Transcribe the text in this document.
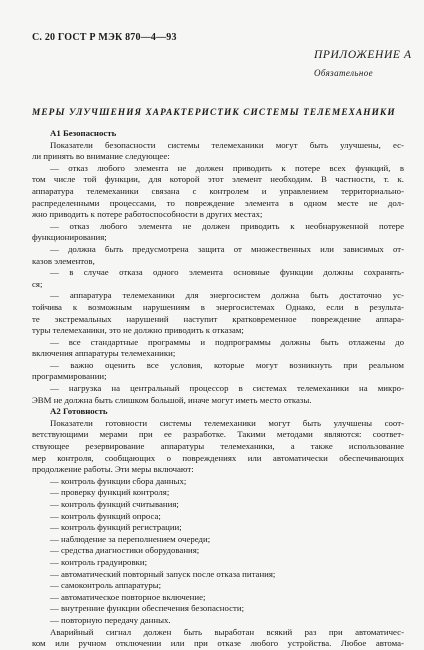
С. 20 ГОСТ Р МЭК 870—4—93
ПРИЛОЖЕНИЕ А
Обязательное
МЕРЫ УЛУЧШЕНИЯ ХАРАКТЕРИСТИК СИСТЕМЫ ТЕЛЕМЕХАНИКИ
А1 Безопасность
Показатели безопасности системы телемеханики могут быть улучшены, ес-
ли принять во внимание следующее:
— отказ любого элемента не должен приводить к потере всех функций, в
том числе той функции, для которой этот элемент необходим. В частности, т. к.
аппаратура телемеханики связана с контролем и управлением территориально-
распределенными процессами, то повреждение элемента в одном месте не дол-
жно приводить к потере работоспособности в других местах;
— отказ любого элемента не должен приводить к необнаруженной потере
функционирования;
— должна быть предусмотрена защита от множественных или зависимых от-
казов элементов,
— в случае отказа одного элемента основные функции должны сохранять-
ся;
— аппаратура телемеханики для энергосистем должна быть достаточно ус-
тойчива к возможным нарушениям в энергосистемах Однако, если в результа-
те экстремальных нарушений наступит кратковременное повреждение аппара-
туры телемеханики, это не должно приводить к отказам;
— все стандартные программы и подпрограммы должны быть отлажены до
включения аппаратуры телемеханики;
— важно оценить все условия, которые могут возникнуть при реальном
программировании;
— нагрузка на центральный процессор в системах телемеханики на микро-
ЭВМ не должна быть слишком большой, иначе могут иметь место отказы.
А2 Готовность
Показатели готовности системы телемеханики могут быть улучшены соот-
ветствующими мерами при ее разработке. Такими методами являются: соответ-
ствующее резервирование аппаратуры телемеханики, а также использование
мер контроля, сообщающих о повреждениях или автоматически обеспечивающих
продолжение работы. Эти меры включают:
— контроль функции сбора данных;
— проверку функций контроля;
— контроль функций считывания;
— контроль функций опроса;
— контроль функций регистрации;
— наблюдение за переполнением очереди;
— средства диагностики оборудования;
— контроль градуировки;
— автоматический повторный запуск после отказа питания;
— самоконтроль аппаратуры;
— автоматическое повторное включение;
— внутренние функции обеспечения безопасности;
— повторную передачу данных.
Аварийный сигнал должен быть выработан всякий раз при автоматичес-
ком или ручном отключении или при отказе любого устройства. Любое автома-
